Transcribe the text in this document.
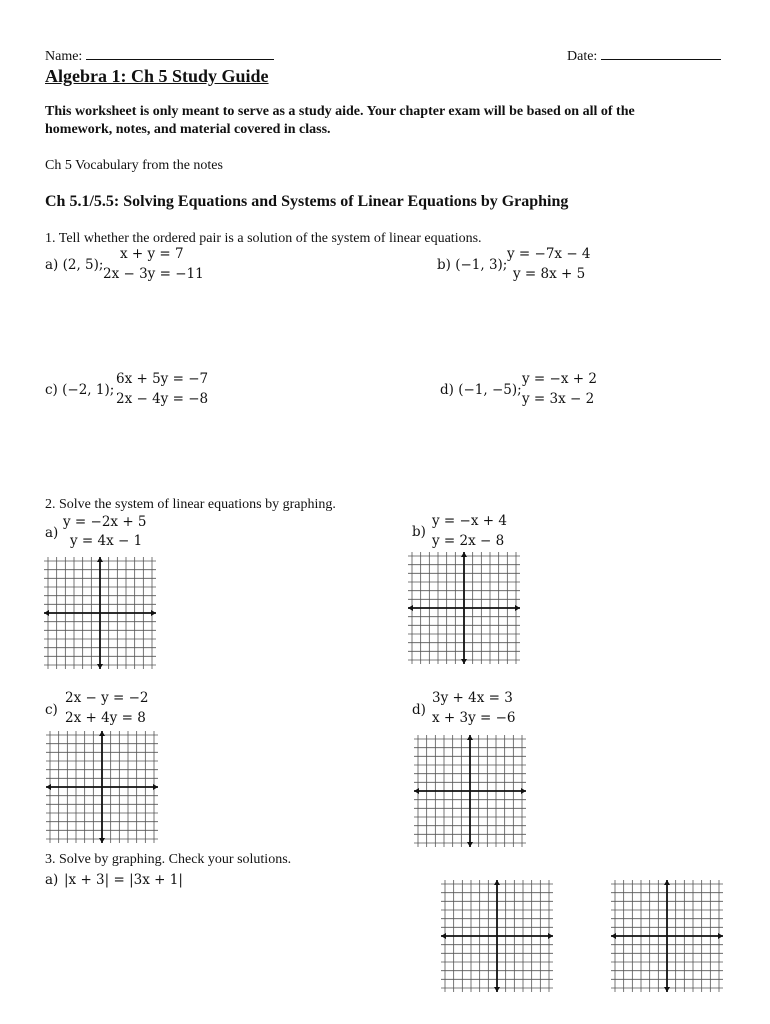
Name:	Date:
Algebra 1: Ch 5 Study Guide
This worksheet is only meant to serve as a study aide. Your chapter exam will be based on all of the
homework, notes, and material covered in class.
Ch 5 Vocabulary from the notes
Ch 5.1/5.5: Solving Equations and Systems of Linear Equations by Graphing
1. Tell whether the ordered pair is a solution of the system of linear equations.
a) (2, 5);
x + y = 7
2x − 3y = −11
b) (−1, 3);
y = −7x − 4
y = 8x + 5
c) (−2, 1);
6x + 5y = −7
2x − 4y = −8
d) (−1, −5);
y = −x + 2
y = 3x − 2
2. Solve the system of linear equations by graphing.
a)
y = −2x + 5
y = 4x − 1
b)
y = −x + 4
y = 2x − 8
c)
2x − y = −2
2x + 4y = 8	d)
3y + 4x = 3
x + 3y = −6
3. Solve by graphing. Check your solutions.
a) |x + 3| = |3x + 1|
